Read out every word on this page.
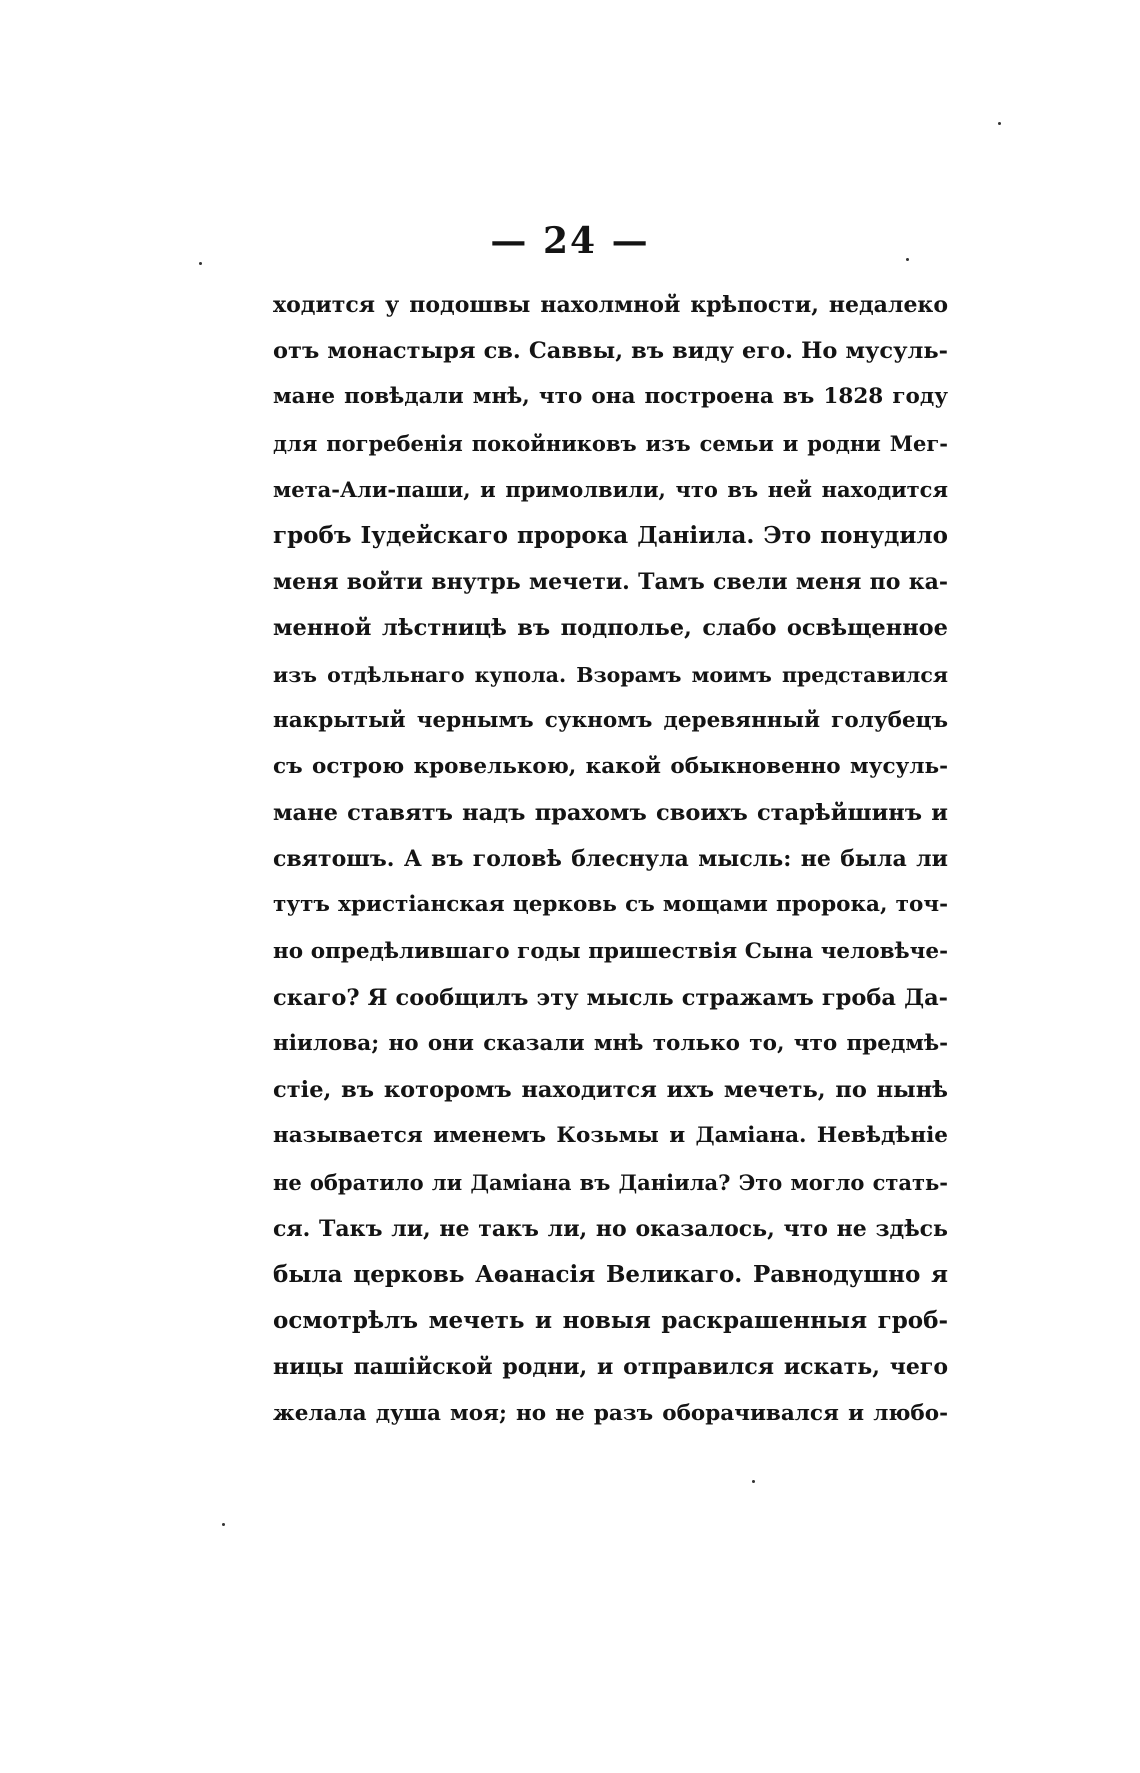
— 24 —
ходится у подошвы нахолмной крѣпости, недалеко
отъ монастыря св. Саввы, въ виду его. Но мусуль-
мане повѣдали мнѣ, что она построена въ 1828 году
для погребенія покойниковъ изъ семьи и родни Мег-
мета-Али-паши, и примолвили, что въ ней находится
гробъ Іудейскаго пророка Даніила. Это понудило
меня войти внутрь мечети. Тамъ свели меня по ка-
менной лѣстницѣ въ подполье, слабо освѣщенное
изъ отдѣльнаго купола. Взорамъ моимъ представился
накрытый чернымъ сукномъ деревянный голубецъ
съ острою кровелькою, какой обыкновенно мусуль-
мане ставятъ надъ прахомъ своихъ старѣйшинъ и
святошъ. А въ головѣ блеснула мысль: не была ли
тутъ христіанская церковь съ мощами пророка, точ-
но опредѣлившаго годы пришествія Сына человѣче-
скаго? Я сообщилъ эту мысль стражамъ гроба Да-
ніилова; но они сказали мнѣ только то, что предмѣ-
стіе, въ которомъ находится ихъ мечеть, по нынѣ
называется именемъ Козьмы и Даміана. Невѣдѣніе
не обратило ли Даміана въ Даніила? Это могло стать-
ся. Такъ ли, не такъ ли, но оказалось, что не здѣсь
была церковь Аѳанасія Великаго. Равнодушно я
осмотрѣлъ мечеть и новыя раскрашенныя гроб-
ницы пашійской родни, и отправился искать, чего
желала душа моя; но не разъ оборачивался и любо-
